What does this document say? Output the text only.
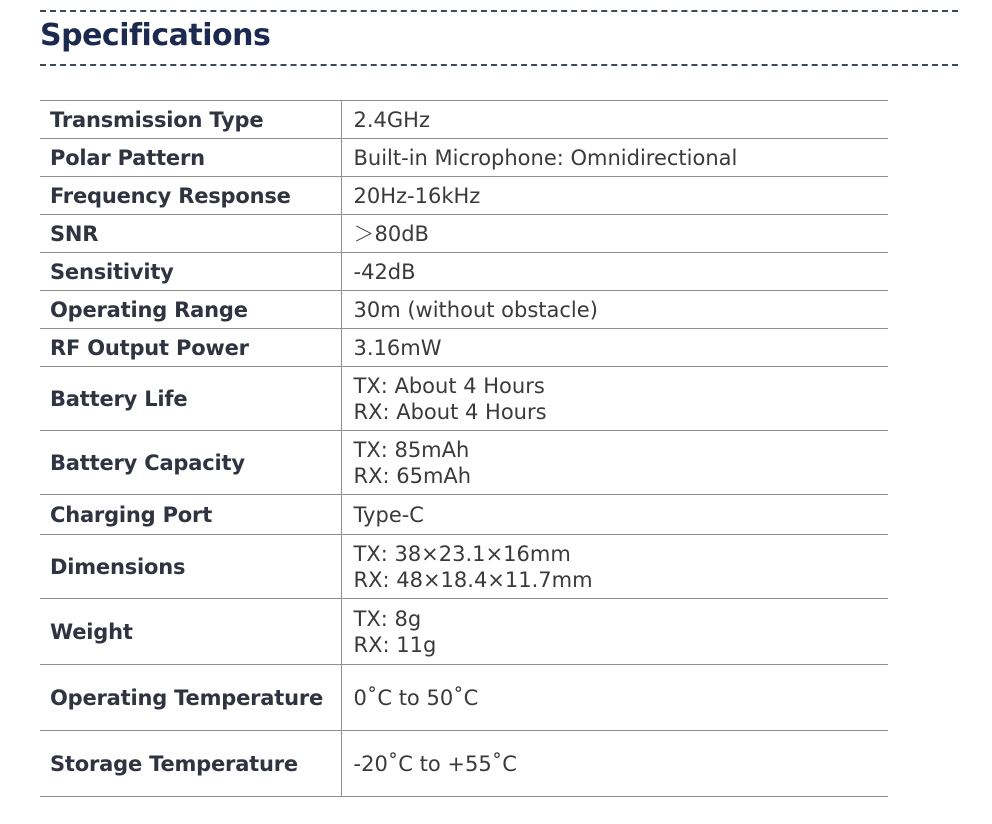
Specifications
Transmission Type	2.4GHz

Polar Pattern	Built-in Microphone: Omnidirectional

Frequency Response	20Hz-16kHz

SNR	＞80dB

Sensitivity	-42dB

Operating Range	30m (without obstacle)

RF Output Power	3.16mW

Battery Life	TX: About 4 Hours
RX: About 4 Hours

Battery Capacity	TX: 85mAh
RX: 65mAh

Charging Port	Type-C

Dimensions	TX: 38×23.1×16mm
RX: 48×18.4×11.7mm

Weight	TX: 8g
RX: 11g

Operating Temperature	0˚C to 50˚C

Storage Temperature	-20˚C to +55˚C
